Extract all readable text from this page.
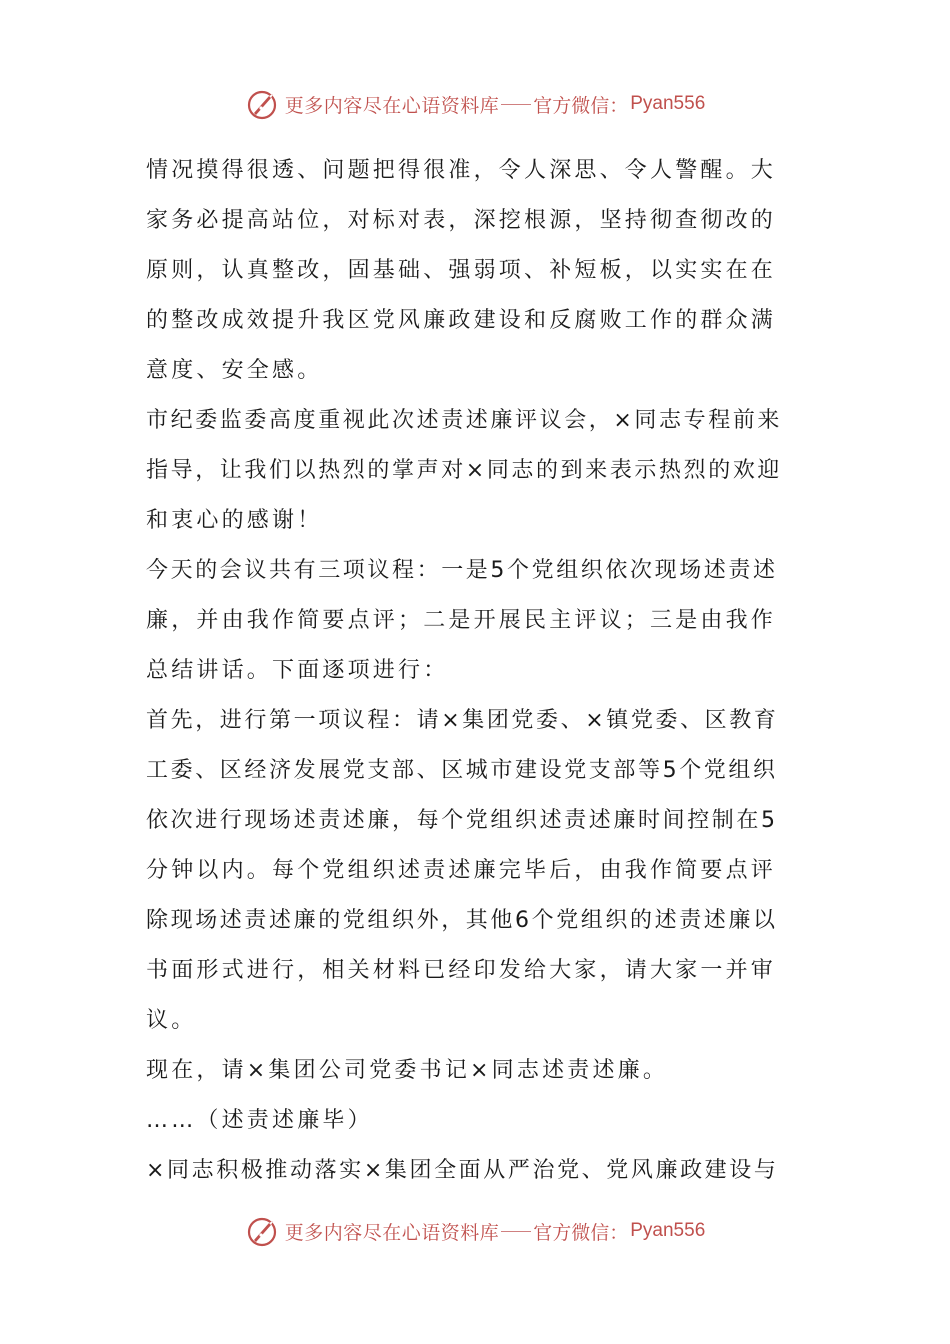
更多内容尽在心语资料库 官方微信： Pyan556
情况摸得很透、问题把得很准，令人深思、令人警醒。大
家务必提高站位，对标对表，深挖根源，坚持彻查彻改的
原则，认真整改，固基础、强弱项、补短板，以实实在在
的整改成效提升我区党风廉政建设和反腐败工作的群众满
意度、安全感。
市纪委监委高度重视此次述责述廉评议会，×同志专程前来
指导，让我们以热烈的掌声对×同志的到来表示热烈的欢迎
和衷心的感谢！
今天的会议共有三项议程：一是5个党组织依次现场述责述
廉，并由我作简要点评；二是开展民主评议；三是由我作
总结讲话。下面逐项进行：
首先，进行第一项议程：请×集团党委、×镇党委、区教育
工委、区经济发展党支部、区城市建设党支部等5个党组织
依次进行现场述责述廉，每个党组织述责述廉时间控制在5
分钟以内。每个党组织述责述廉完毕后，由我作简要点评
除现场述责述廉的党组织外，其他6个党组织的述责述廉以
书面形式进行，相关材料已经印发给大家，请大家一并审
议。
现在，请×集团公司党委书记×同志述责述廉。
……（述责述廉毕）
×同志积极推动落实×集团全面从严治党、党风廉政建设与
更多内容尽在心语资料库 官方微信： Pyan556
